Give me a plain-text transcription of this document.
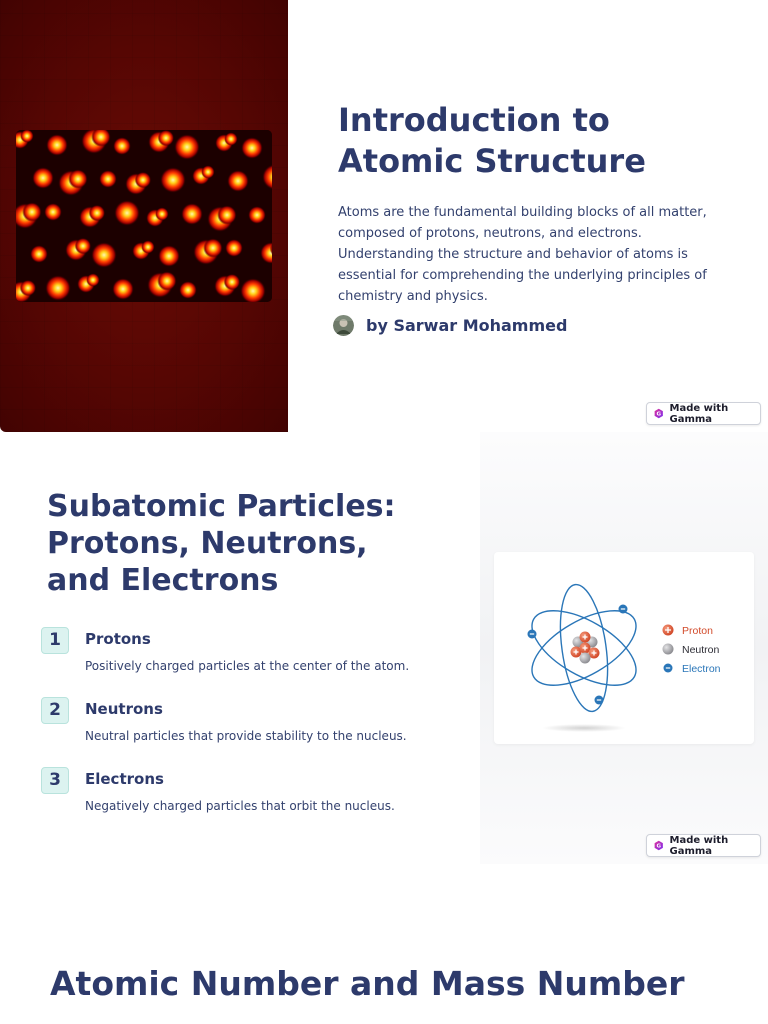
Introduction to
Atomic Structure

Atoms are the fundamental building blocks of all matter, composed of protons, neutrons, and electrons. Understanding the structure and behavior of atoms is essential for comprehending the underlying principles of chemistry and physics.

by Sarwar Mohammed
G
Made with Gamma
Proton
Neutron
Electron
Subatomic Particles:
Protons, Neutrons,
and Electrons
1	Protons
Positively charged particles at the center of the atom.
2	Neutrons
Neutral particles that provide stability to the nucleus.
3	Electrons
Negatively charged particles that orbit the nucleus.
G
Made with Gamma
Atomic Number and Mass Number
